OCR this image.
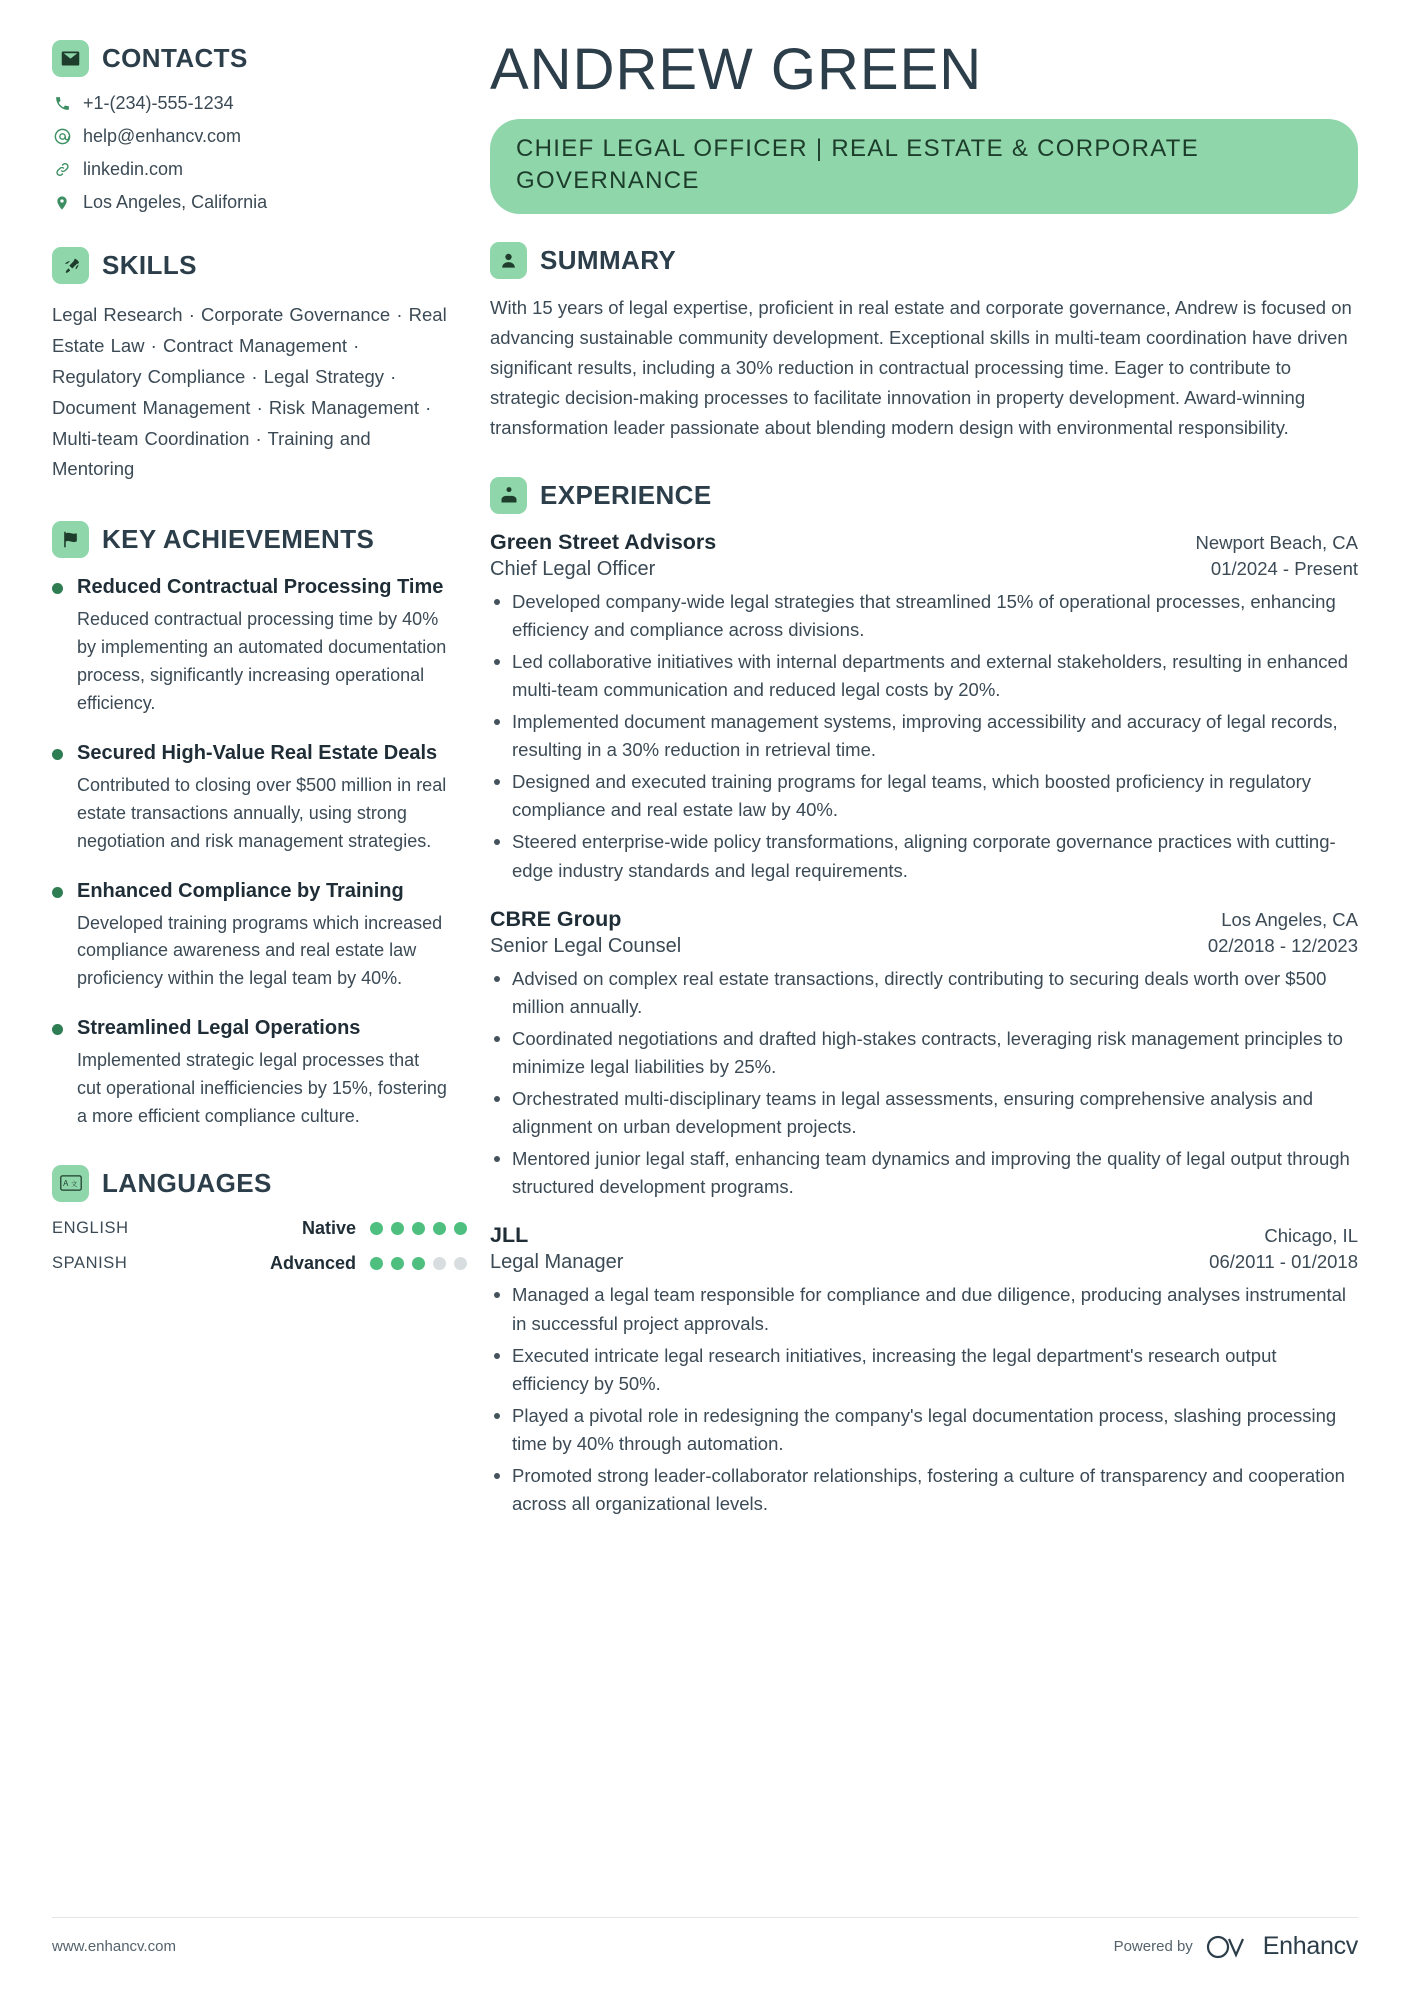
CONTACTS
+1-(234)-555-1234
help@enhancv.com
linkedin.com
Los Angeles, California
SKILLS
Legal Research · Corporate Governance · Real Estate Law · Contract Management · Regulatory Compliance · Legal Strategy · Document Management · Risk Management · Multi-team Coordination · Training and Mentoring
KEY ACHIEVEMENTS
Reduced Contractual Processing Time
Reduced contractual processing time by 40% by implementing an automated documentation process, significantly increasing operational efficiency.
Secured High-Value Real Estate Deals
Contributed to closing over $500 million in real estate transactions annually, using strong negotiation and risk management strategies.
Enhanced Compliance by Training
Developed training programs which increased compliance awareness and real estate law proficiency within the legal team by 40%.
Streamlined Legal Operations
Implemented strategic legal processes that cut operational inefficiencies by 15%, fostering a more efficient compliance culture.
A 文 LANGUAGES
ENGLISH	Native
SPANISH	Advanced
ANDREW GREEN
CHIEF LEGAL OFFICER | REAL ESTATE & CORPORATE GOVERNANCE
SUMMARY
With 15 years of legal expertise, proficient in real estate and corporate governance, Andrew is focused on advancing sustainable community development. Exceptional skills in multi-team coordination have driven significant results, including a 30% reduction in contractual processing time. Eager to contribute to strategic decision-making processes to facilitate innovation in property development. Award-winning transformation leader passionate about blending modern design with environmental responsibility.
EXPERIENCE
Green Street Advisors	Newport Beach, CA
Chief Legal Officer	01/2024 - Present
Developed company-wide legal strategies that streamlined 15% of operational processes, enhancing efficiency and compliance across divisions.
Led collaborative initiatives with internal departments and external stakeholders, resulting in enhanced multi-team communication and reduced legal costs by 20%.
Implemented document management systems, improving accessibility and accuracy of legal records, resulting in a 30% reduction in retrieval time.
Designed and executed training programs for legal teams, which boosted proficiency in regulatory compliance and real estate law by 40%.
Steered enterprise-wide policy transformations, aligning corporate governance practices with cutting-edge industry standards and legal requirements.
CBRE Group	Los Angeles, CA
Senior Legal Counsel	02/2018 - 12/2023
Advised on complex real estate transactions, directly contributing to securing deals worth over $500 million annually.
Coordinated negotiations and drafted high-stakes contracts, leveraging risk management principles to minimize legal liabilities by 25%.
Orchestrated multi-disciplinary teams in legal assessments, ensuring comprehensive analysis and alignment on urban development projects.
Mentored junior legal staff, enhancing team dynamics and improving the quality of legal output through structured development programs.
JLL	Chicago, IL
Legal Manager	06/2011 - 01/2018
Managed a legal team responsible for compliance and due diligence, producing analyses instrumental in successful project approvals.
Executed intricate legal research initiatives, increasing the legal department's research output efficiency by 50%.
Played a pivotal role in redesigning the company's legal documentation process, slashing processing time by 40% through automation.
Promoted strong leader-collaborator relationships, fostering a culture of transparency and cooperation across all organizational levels.
www.enhancv.com	Powered by	Enhancv
